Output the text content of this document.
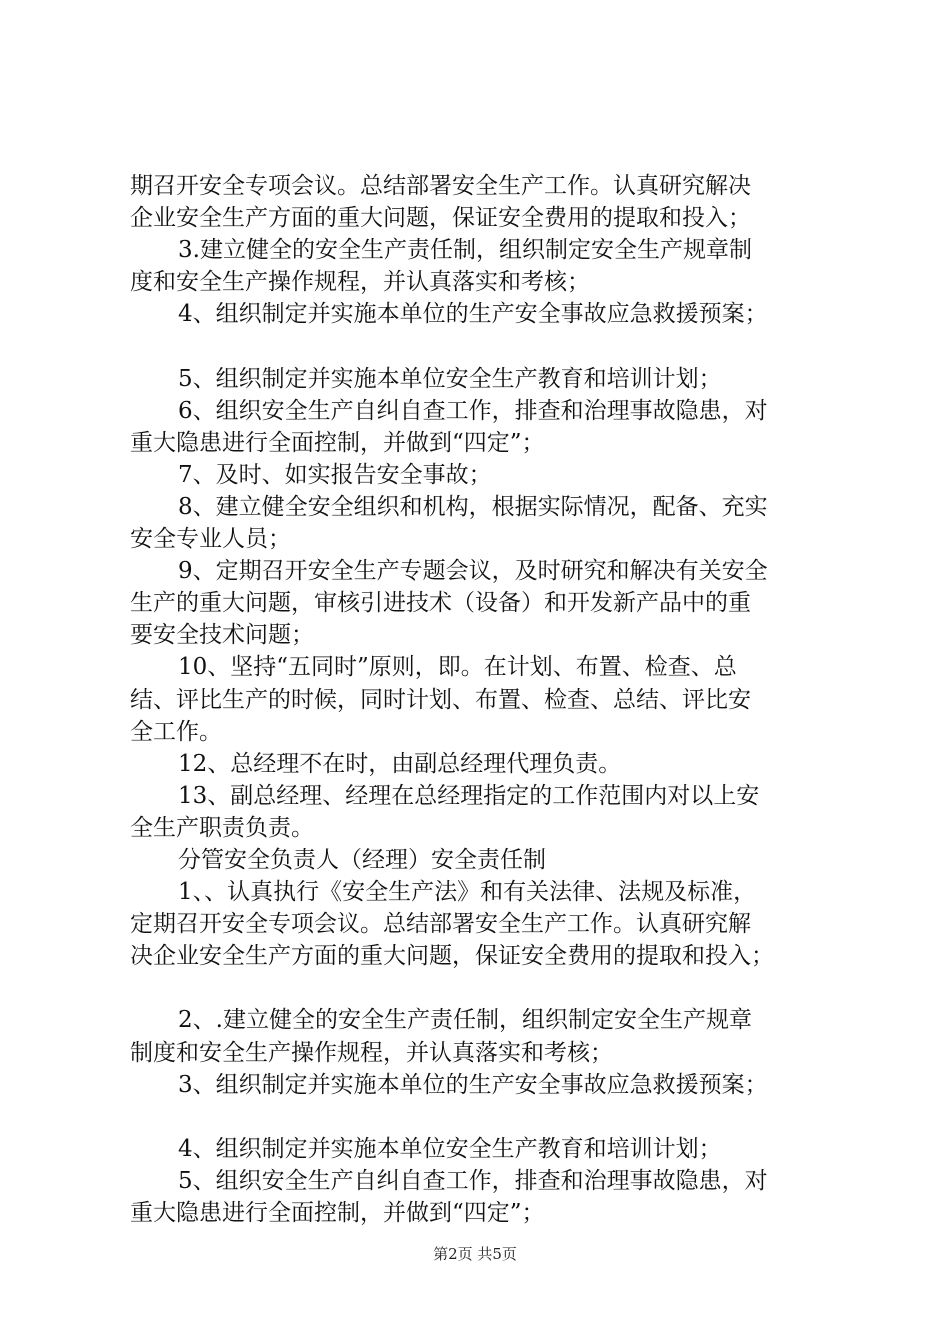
期召开安全专项会议。总结部署安全生产工作。认真研究解决
企业安全生产方面的重大问题，保证安全费用的提取和投入；
3.建立健全的安全生产责任制，组织制定安全生产规章制
度和安全生产操作规程，并认真落实和考核；
4、组织制定并实施本单位的生产安全事故应急救援预案；
5、组织制定并实施本单位安全生产教育和培训计划；
6、组织安全生产自纠自查工作，排查和治理事故隐患，对
重大隐患进行全面控制，并做到“四定”；
7、及时、如实报告安全事故；
8、建立健全安全组织和机构，根据实际情况，配备、充实
安全专业人员；
9、定期召开安全生产专题会议，及时研究和解决有关安全
生产的重大问题，审核引进技术（设备）和开发新产品中的重
要安全技术问题；
10、坚持“五同时”原则，即。在计划、布置、检查、总
结、评比生产的时候，同时计划、布置、检查、总结、评比安
全工作。
12、总经理不在时，由副总经理代理负责。
13、副总经理、经理在总经理指定的工作范围内对以上安
全生产职责负责。
分管安全负责人（经理）安全责任制
1、、认真执行《安全生产法》和有关法律、法规及标准，
定期召开安全专项会议。总结部署安全生产工作。认真研究解
决企业安全生产方面的重大问题，保证安全费用的提取和投入；
2、.建立健全的安全生产责任制，组织制定安全生产规章
制度和安全生产操作规程，并认真落实和考核；
3、组织制定并实施本单位的生产安全事故应急救援预案；
4、组织制定并实施本单位安全生产教育和培训计划；
5、组织安全生产自纠自查工作，排查和治理事故隐患，对
重大隐患进行全面控制，并做到“四定”；
第2页 共5页
